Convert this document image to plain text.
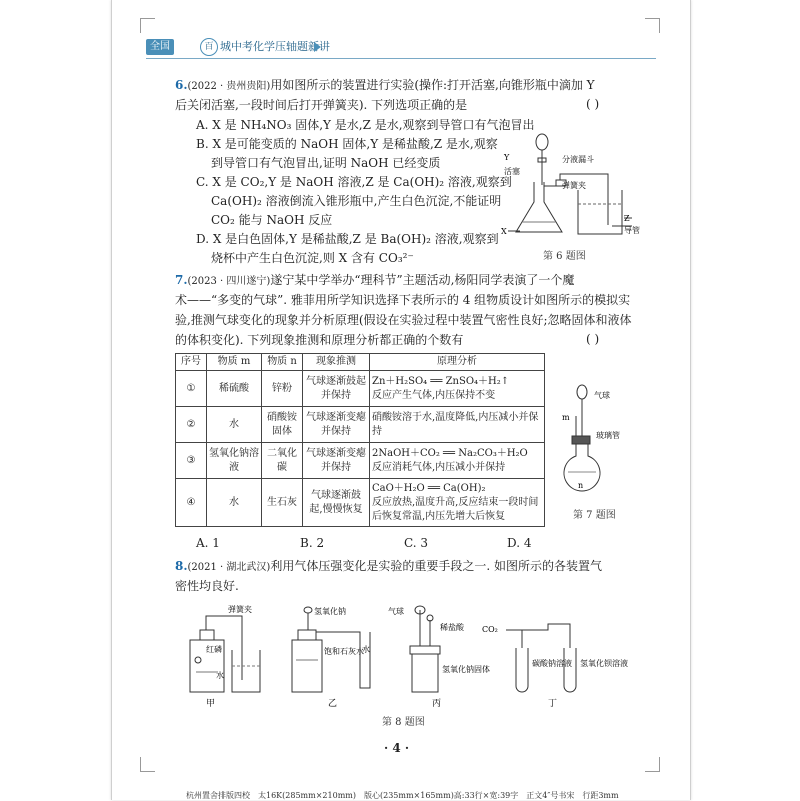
全国	百 城中考化学压轴题新讲
6.(2022 · 贵州贵阳)用如图所示的装置进行实验(操作:打开活塞,向锥形瓶中滴加 Y
后关闭活塞,一段时间后打开弹簧夹). 下列选项正确的是	( )
A. X 是 NH₄NO₃ 固体,Y 是水,Z 是水,观察到导管口有气泡冒出
B. X 是可能变质的 NaOH 固体,Y 是稀盐酸,Z 是水,观察
到导管口有气泡冒出,证明 NaOH 已经变质
C. X 是 CO₂,Y 是 NaOH 溶液,Z 是 Ca(OH)₂ 溶液,观察到
Ca(OH)₂ 溶液倒流入锥形瓶中,产生白色沉淀,不能证明
CO₂ 能与 NaOH 反应
D. X 是白色固体,Y 是稀盐酸,Z 是 Ba(OH)₂ 溶液,观察到
烧杯中产生白色沉淀,则 X 含有 CO₃²⁻
分液漏斗
Y
活塞
弹簧夹
X
Z
导管
第 6 题图
7.(2023 · 四川遂宁)遂宁某中学举办“理科节”主题活动,杨阳同学表演了一个魔
术——“多变的气球”. 雅菲用所学知识选择下表所示的 4 组物质设计如图所示的模拟实
验,推测气球变化的现象并分析原理(假设在实验过程中装置气密性良好;忽略固体和液体
的体积变化). 下列现象推测和原理分析都正确的个数有	( )
序号	物质 m	物质 n	现象推测	原理分析
①	稀硫酸	锌粉	气球逐渐鼓起并保持	Zn＋H₂SO₄ ══ ZnSO₄＋H₂↑
反应产生气体,内压保持不变
②	水	硝酸铵固体	气球逐渐变瘪并保持	硝酸铵溶于水,温度降低,内压减小并保持
③	氢氧化钠溶液	二氧化碳	气球逐渐变瘪并保持	2NaOH＋CO₂ ══ Na₂CO₃＋H₂O
反应消耗气体,内压减小并保持
④	水	生石灰	气球逐渐鼓起,慢慢恢复	CaO＋H₂O ══ Ca(OH)₂
反应放热,温度升高,反应结束一段时间后恢复常温,内压先增大后恢复
A. 1	B. 2	C. 3	D. 4
气球
m
玻璃管
n
第 7 题图
8.(2021 · 湖北武汉)利用气体压强变化是实验的重要手段之一. 如图所示的各装置气
密性均良好.
弹簧夹
红磷
水
氢氧化钠
饱和石灰水
水
气球
稀盐酸
氢氧化钠固体
CO₂
碳酸钠溶液 氢氧化钡溶液
甲	乙	丙	丁
第 8 题图
· 4 ·
杭州置舍排版四校　太16K(285mm×210mm)　版心(235mm×165mm)高:33行×宽:39字　正文4″号书宋　行距3mm
